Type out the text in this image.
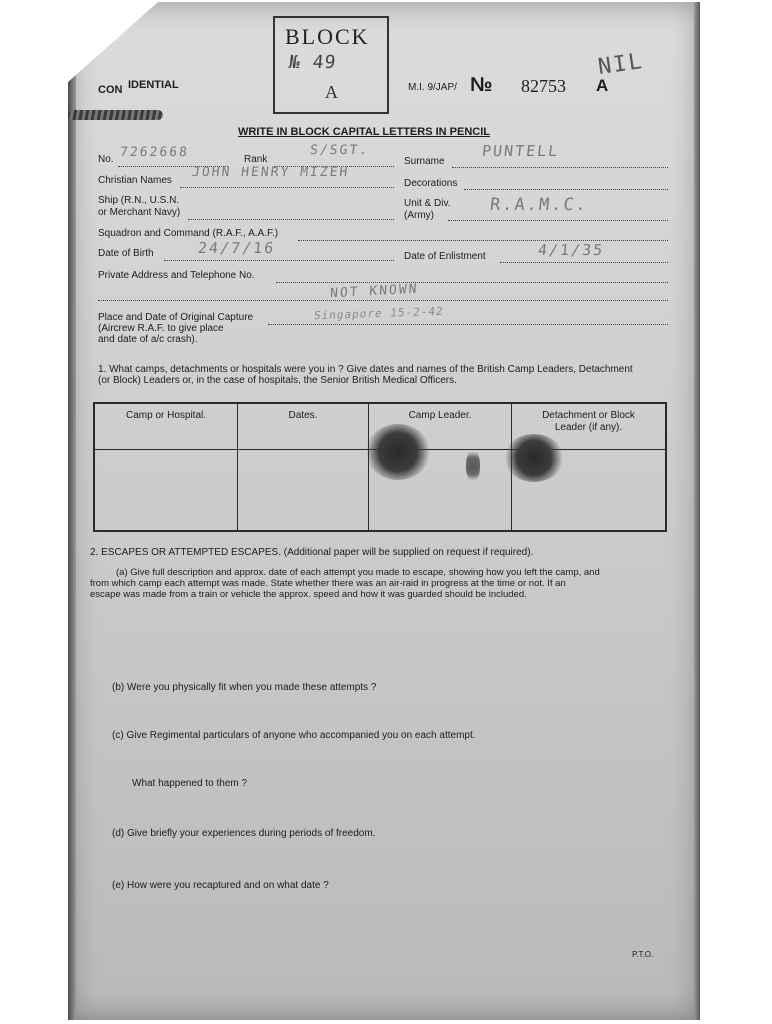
BLOCK
№ 49
A
CON IDENTIAL	M.I. 9/JAP/ № 82753 A
NIL
WRITE IN BLOCK CAPITAL LETTERS IN PENCIL
No. 7262668	Rank
S/SGT.
Surname
PUNTELL
Christian Names
JOHN HENRY MIZEH
Decorations
Ship (R.N., U.S.N.
or Merchant Navy)
Unit & Div.
(Army)
R.A.M.C.
Squadron and Command (R.A.F., A.A.F.)
Date of Birth	24/7/16	Date of Enlistment	4/1/35
Private Address and Telephone No.
NOT KNOWN
Place and Date of Original Capture
(Aircrew R.A.F. to give place
and date of a/c crash).
Singapore 15-2-42
1. What camps, detachments or hospitals were you in ? Give dates and names of the British Camp Leaders, Detachment
(or Block) Leaders or, in the case of hospitals, the Senior British Medical Officers.
Camp or Hospital.	Dates.	Camp Leader.	Detachment or Block
Leader (if any).

2. ESCAPES OR ATTEMPTED ESCAPES. (Additional paper will be supplied on request if required).
(a) Give full description and approx. date of each attempt you made to escape, showing how you left the camp, and
from which camp each attempt was made. State whether there was an air-raid in progress at the time or not. If an
escape was made from a train or vehicle the approx. speed and how it was guarded should be included.
(b) Were you physically fit when you made these attempts ?
(c) Give Regimental particulars of anyone who accompanied you on each attempt.
What happened to them ?
(d) Give briefly your experiences during periods of freedom.
(e) How were you recaptured and on what date ?
P.T.O.
